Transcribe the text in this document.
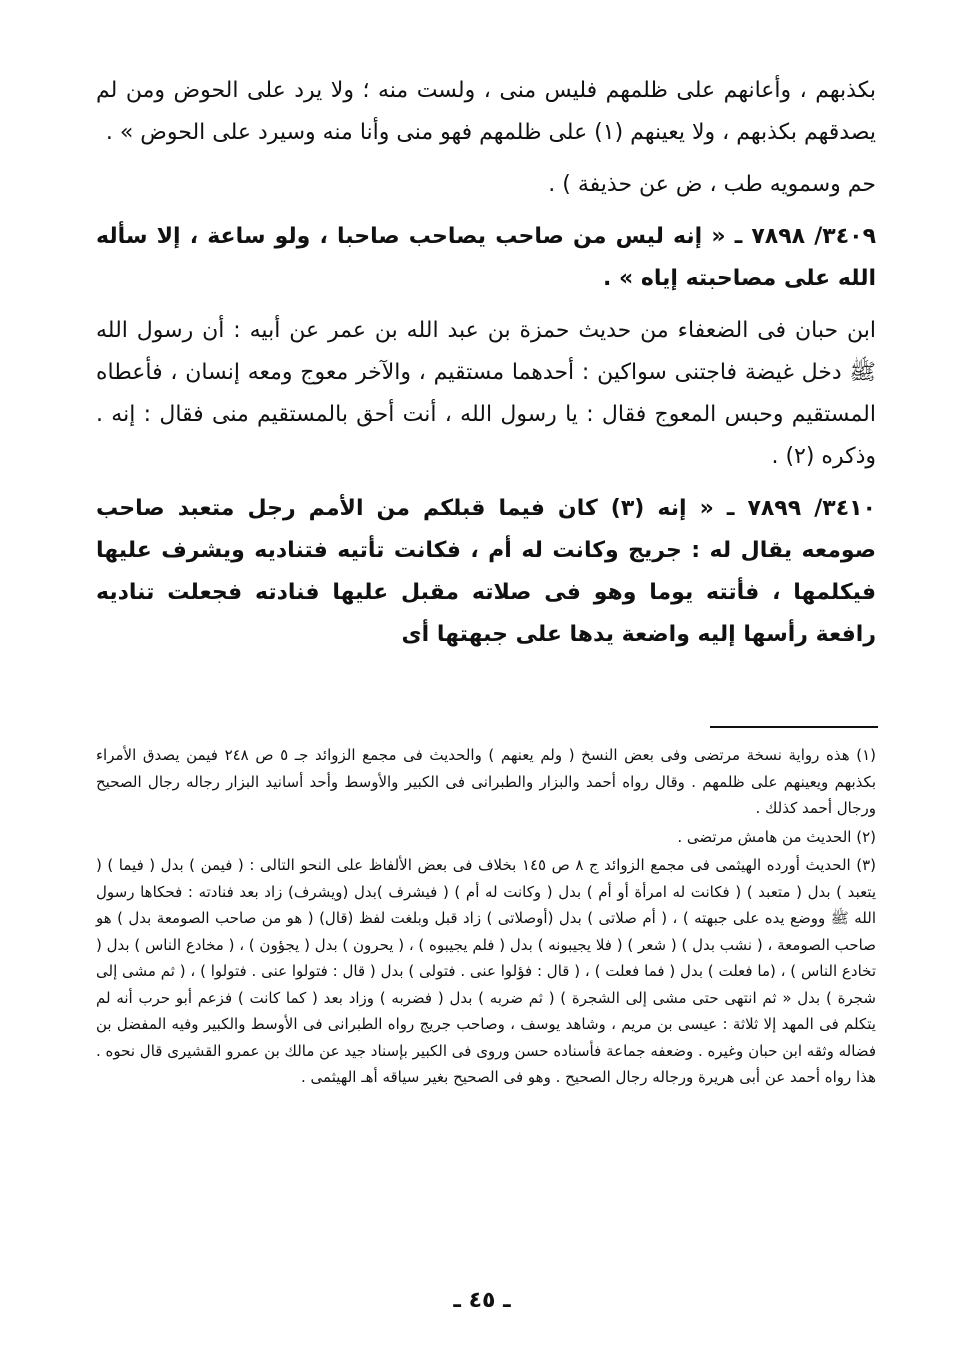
بكذبهم ، وأعانهم على ظلمهم فليس منى ، ولست منه ؛ ولا يرد على الحوض ومن لم يصدقهم بكذبهم ، ولا يعينهم (١) على ظلمهم فهو منى وأنا منه وسيرد على الحوض » .

حم وسمويه طب ، ض عن حذيفة ) .

٣٤٠٩/ ٧٨٩٨ ـ « إنه ليس من صاحب يصاحب صاحبا ، ولو ساعة ، إلا سأله الله على مصاحبته إياه » .

ابن حبان فى الضعفاء من حديث حمزة بن عبد الله بن عمر عن أبيه : أن رسول الله ﷺ دخل غيضة فاجتنى سواكين : أحدهما مستقيم ، والآخر معوج ومعه إنسان ، فأعطاه المستقيم وحبس المعوج فقال : يا رسول الله ، أنت أحق بالمستقيم منى فقال : إنه . وذكره (٢) .

٣٤١٠/ ٧٨٩٩ ـ « إنه (٣) كان فيما قبلكم من الأمم رجل متعبد صاحب صومعه يقال له : جريج وكانت له أم ، فكانت تأتيه فتناديه ويشرف عليها فيكلمها ، فأتته يوما وهو فى صلاته مقبل عليها فنادته فجعلت تناديه رافعة رأسها إليه واضعة يدها على جبهتها أى

(١) هذه رواية نسخة مرتضى وفى بعض النسخ ( ولم يعنهم ) والحديث فى مجمع الزوائد جـ ٥ ص ٢٤٨ فيمن يصدق الأمراء بكذبهم ويعينهم على ظلمهم . وقال رواه أحمد والبزار والطبرانى فى الكبير والأوسط وأحد أسانيد البزار رجاله رجال الصحيح ورجال أحمد كذلك .

(٢) الحديث من هامش مرتضى .

(٣) الحديث أورده الهيثمى فى مجمع الزوائد ج ٨ ص ١٤٥ بخلاف فى بعض الألفاظ على النحو التالى : ( فيمن ) بدل ( فيما ) ( يتعبد ) بدل ( متعبد ) ( فكانت له امرأة أو أم ) بدل ( وكانت له أم ) ( فيشرف )بدل (ويشرف) زاد بعد فنادته : فحكاها رسول الله ﷺ ووضع يده على جبهته ) ، ( أم صلاتى ) بدل (أوصلاتى ) زاد قبل وبلغت لفظ (قال) ( هو من صاحب الصومعة بدل ) هو صاحب الصومعة ، ( نشب بدل ) ( شعر ) ( فلا يجيبونه ) بدل ( فلم يجيبوه ) ، ( يحرون ) بدل ( يجؤون ) ، ( مخادع الناس ) بدل ( تخادع الناس ) ، (ما فعلت ) بدل ( فما فعلت ) ، ( قال : فؤلوا عنى . فتولى ) بدل ( قال : فتولوا عنى . فتولوا ) ، ( ثم مشى إلى شجرة ) بدل « ثم انتهى حتى مشى إلى الشجرة ) ( ثم ضربه ) بدل ( فضربه ) وزاد بعد ( كما كانت ) فزعم أبو حرب أنه لم يتكلم فى المهد إلا ثلاثة : عيسى بن مريم ، وشاهد يوسف ، وصاحب جريج رواه الطبرانى فى الأوسط والكبير وفيه المفضل بن فضاله وثقه ابن حبان وغيره . وضعفه جماعة فأسناده حسن وروى فى الكبير بإسناد جيد عن مالك بن عمرو القشيرى قال نحوه . هذا رواه أحمد عن أبى هريرة ورجاله رجال الصحيح . وهو فى الصحيح بغير سياقه أهـ الهيثمى .

ـ ٤٥ ـ
